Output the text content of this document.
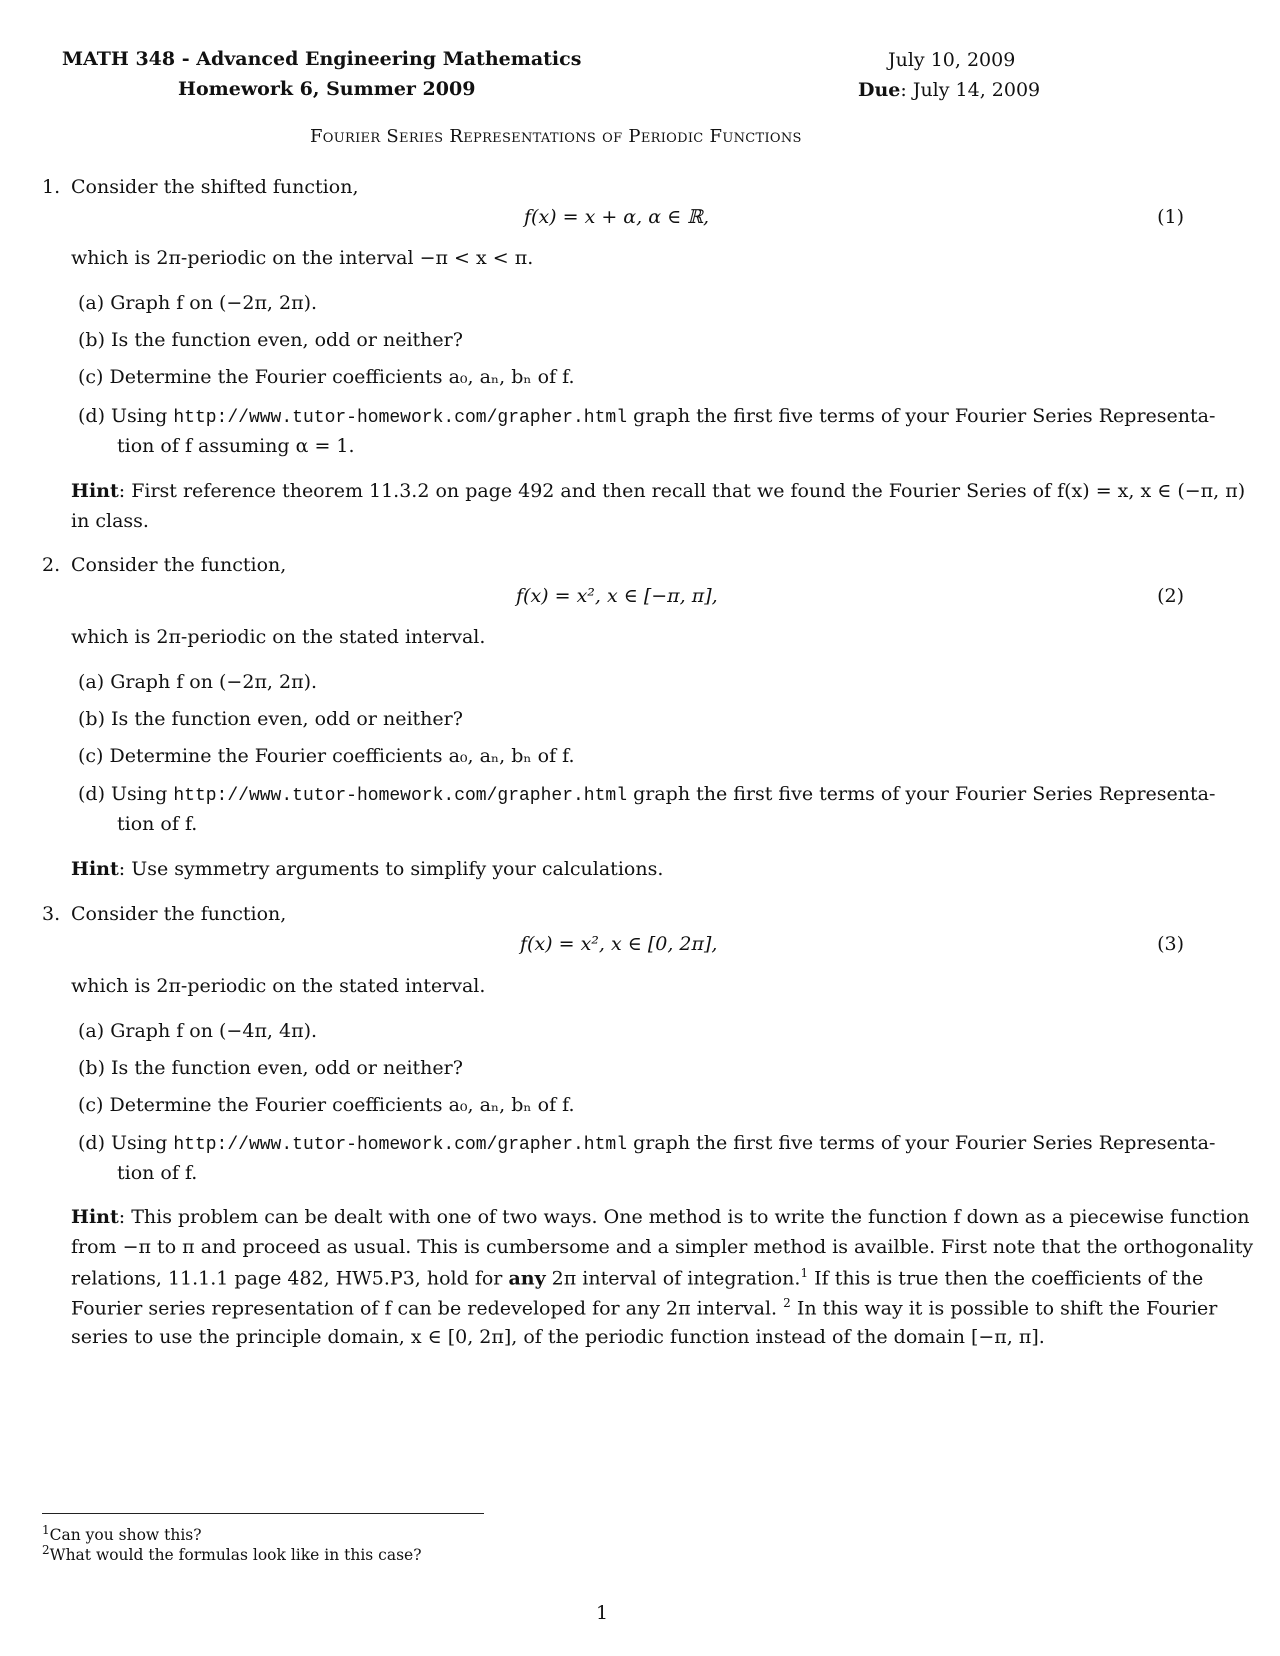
MATH 348 - Advanced Engineering Mathematics
Homework 6, Summer 2009
July 10, 2009
Due: July 14, 2009
Fourier Series Representations of Periodic Functions
1. Consider the shifted function,
f(x) = x + α, α ∈ ℝ,	(1)
which is 2π-periodic on the interval −π < x < π.
(a) Graph f on (−2π, 2π).
(b) Is the function even, odd or neither?
(c) Determine the Fourier coefficients a₀, aₙ, bₙ of f.
(d) Using http://www.tutor-homework.com/grapher.html graph the first five terms of your Fourier Series Representa-
tion of f assuming α = 1.
Hint: First reference theorem 11.3.2 on page 492 and then recall that we found the Fourier Series of f(x) = x, x ∈ (−π, π)
in class.
2. Consider the function,
f(x) = x², x ∈ [−π, π],	(2)
which is 2π-periodic on the stated interval.
(a) Graph f on (−2π, 2π).
(b) Is the function even, odd or neither?
(c) Determine the Fourier coefficients a₀, aₙ, bₙ of f.
(d) Using http://www.tutor-homework.com/grapher.html graph the first five terms of your Fourier Series Representa-
tion of f.
Hint: Use symmetry arguments to simplify your calculations.
3. Consider the function,
f(x) = x², x ∈ [0, 2π],	(3)
which is 2π-periodic on the stated interval.
(a) Graph f on (−4π, 4π).
(b) Is the function even, odd or neither?
(c) Determine the Fourier coefficients a₀, aₙ, bₙ of f.
(d) Using http://www.tutor-homework.com/grapher.html graph the first five terms of your Fourier Series Representa-
tion of f.
Hint: This problem can be dealt with one of two ways. One method is to write the function f down as a piecewise function
from −π to π and proceed as usual. This is cumbersome and a simpler method is availble. First note that the orthogonality
relations, 11.1.1 page 482, HW5.P3, hold for any 2π interval of integration.$^1$ If this is true then the coefficients of the
Fourier series representation of f can be redeveloped for any 2π interval. $^2$ In this way it is possible to shift the Fourier
series to use the principle domain, x ∈ [0, 2π], of the periodic function instead of the domain [−π, π].
$^1$Can you show this?
$^2$What would the formulas look like in this case?
1
